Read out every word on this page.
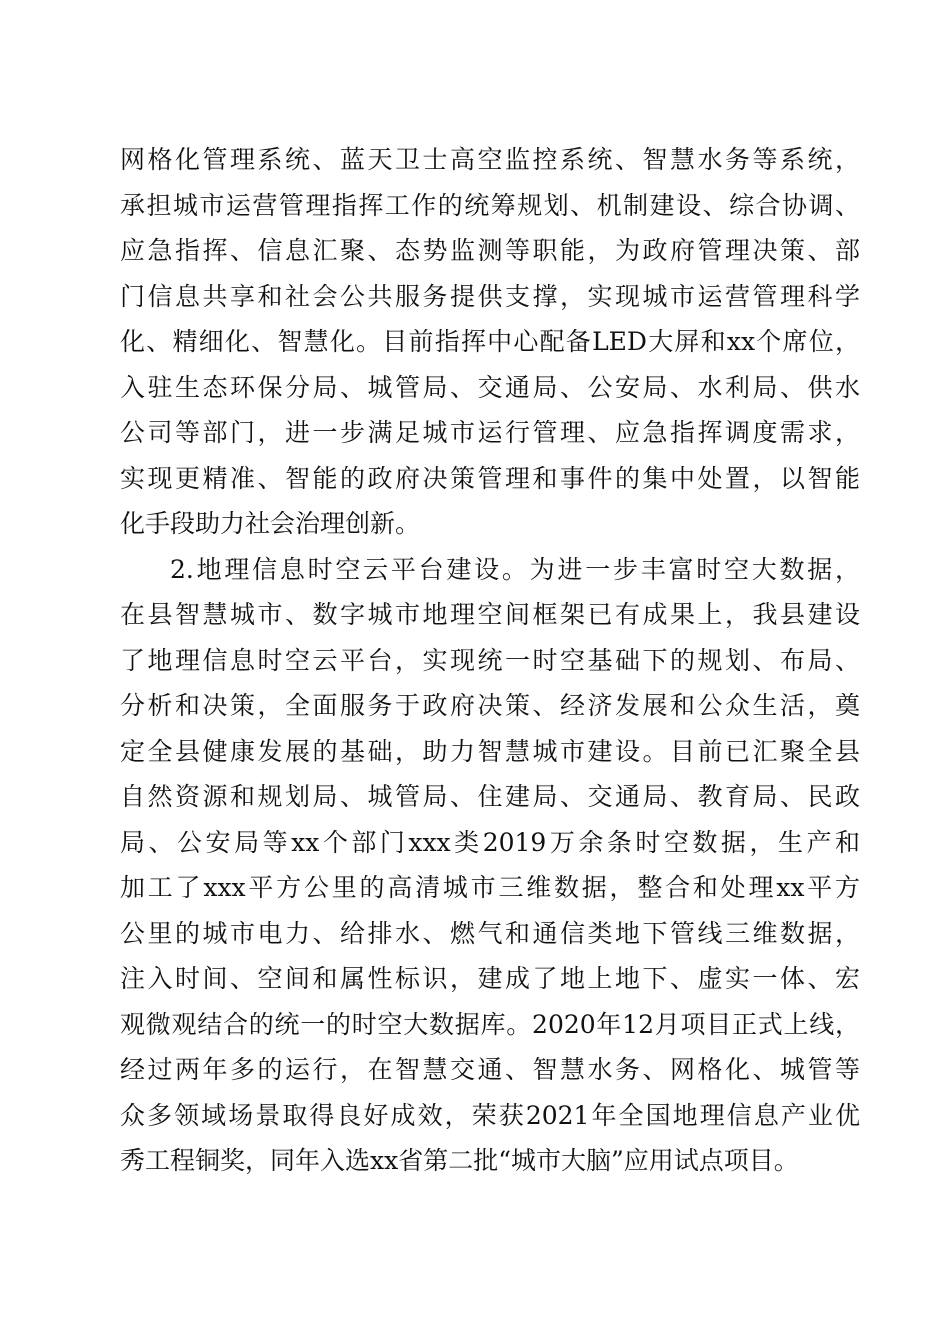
网格化管理系统、蓝天卫士高空监控系统、智慧水务等系统，
承担城市运营管理指挥工作的统筹规划、机制建设、综合协调、
应急指挥、信息汇聚、态势监测等职能，为政府管理决策、部
门信息共享和社会公共服务提供支撑，实现城市运营管理科学
化、精细化、智慧化。目前指挥中心配备LED大屏和xx个席位，
入驻生态环保分局、城管局、交通局、公安局、水利局、供水
公司等部门，进一步满足城市运行管理、应急指挥调度需求，
实现更精准、智能的政府决策管理和事件的集中处置，以智能
化手段助力社会治理创新。
2.地理信息时空云平台建设。为进一步丰富时空大数据，
在县智慧城市、数字城市地理空间框架已有成果上，我县建设
了地理信息时空云平台，实现统一时空基础下的规划、布局、
分析和决策，全面服务于政府决策、经济发展和公众生活，奠
定全县健康发展的基础，助力智慧城市建设。目前已汇聚全县
自然资源和规划局、城管局、住建局、交通局、教育局、民政
局、公安局等xx个部门xxx类2019万余条时空数据，生产和
加工了xxx平方公里的高清城市三维数据，整合和处理xx平方
公里的城市电力、给排水、燃气和通信类地下管线三维数据，
注入时间、空间和属性标识，建成了地上地下、虚实一体、宏
观微观结合的统一的时空大数据库。2020年12月项目正式上线，
经过两年多的运行，在智慧交通、智慧水务、网格化、城管等
众多领域场景取得良好成效，荣获2021年全国地理信息产业优
秀工程铜奖，同年入选xx省第二批“城市大脑”应用试点项目。
